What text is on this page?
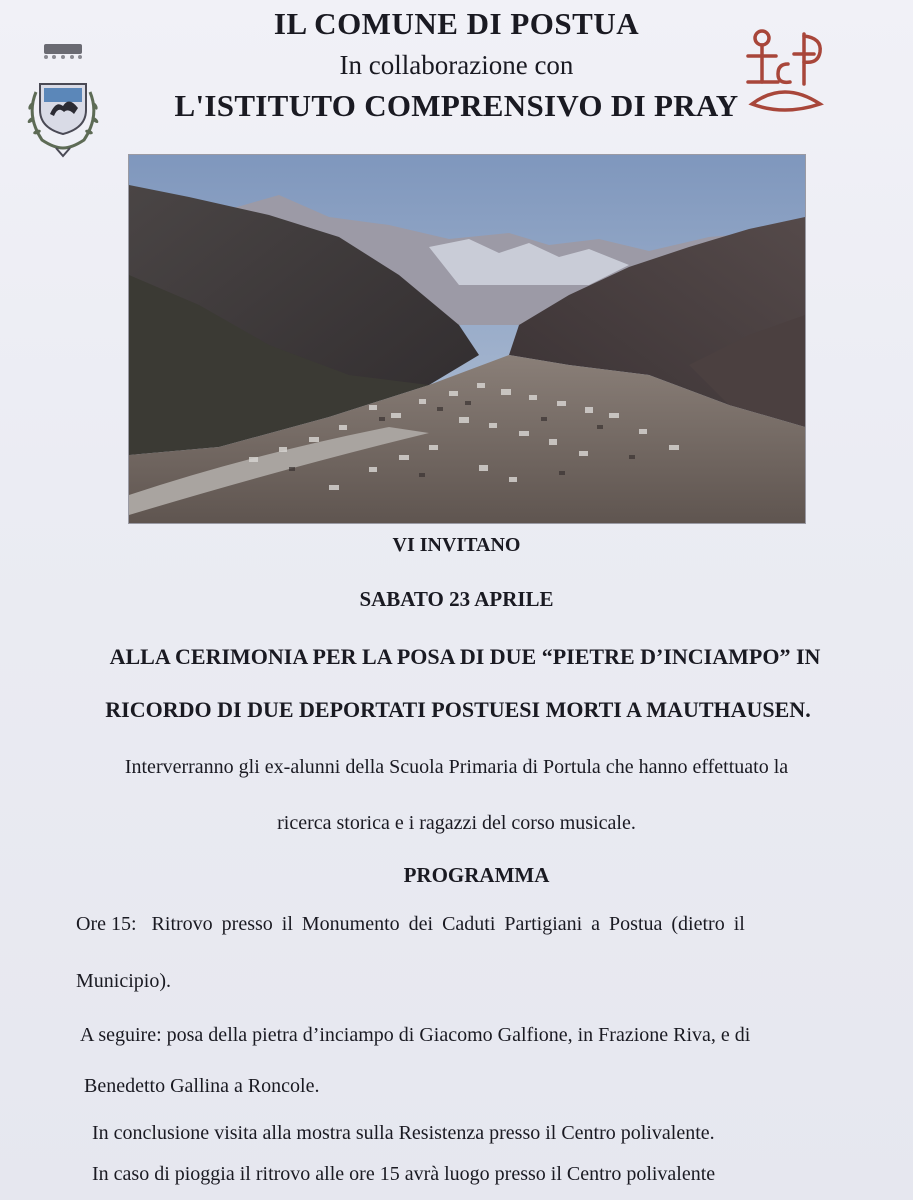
IL COMUNE DI POSTUA
In collaborazione con
L'ISTITUTO COMPRENSIVO DI PRAY
VI INVITANO
SABATO 23 APRILE
ALLA CERIMONIA PER LA POSA DI DUE “PIETRE D’INCIAMPO” IN
RICORDO DI DUE DEPORTATI POSTUESI MORTI A MAUTHAUSEN.
Interverranno gli ex-alunni della Scuola Primaria di Portula che hanno effettuato la
ricerca storica e i ragazzi del corso musicale.
PROGRAMMA
Ore 15: Ritrovo presso il Monumento dei Caduti Partigiani a Postua (dietro il
Municipio).
A seguire: posa della pietra d’inciampo di Giacomo Galfione, in Frazione Riva, e di
Benedetto Gallina a Roncole.
In conclusione visita alla mostra sulla Resistenza presso il Centro polivalente.
In caso di pioggia il ritrovo alle ore 15 avrà luogo presso il Centro polivalente
